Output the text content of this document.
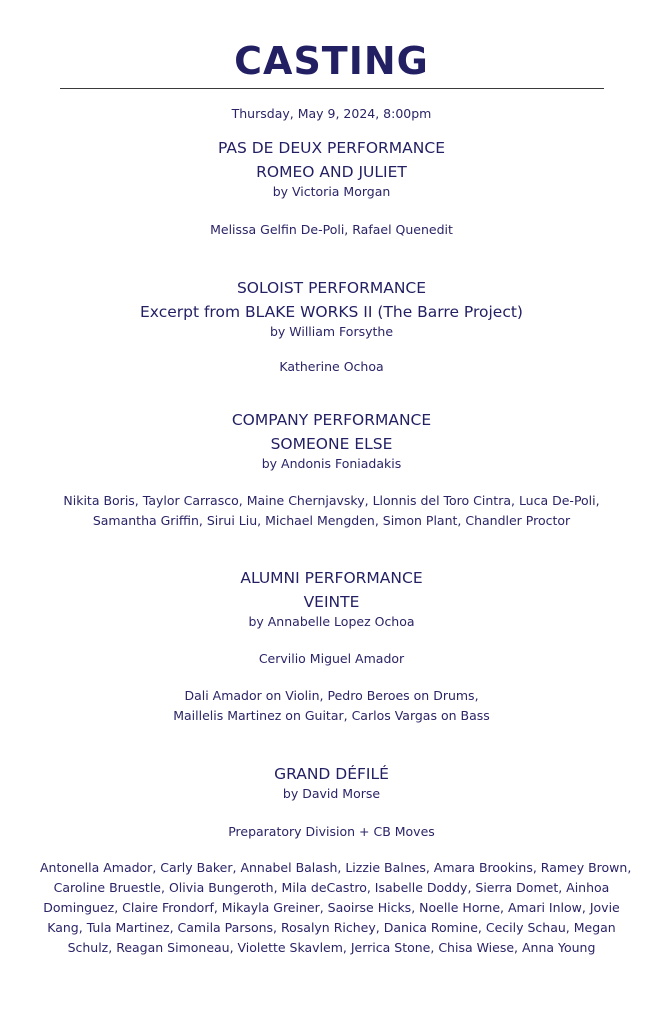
CASTING
Thursday, May 9, 2024, 8:00pm
PAS DE DEUX PERFORMANCE
ROMEO AND JULIET
by Victoria Morgan
Melissa Gelfin De-Poli, Rafael Quenedit
SOLOIST PERFORMANCE
Excerpt from BLAKE WORKS II (The Barre Project)
by William Forsythe
Katherine Ochoa
COMPANY PERFORMANCE
SOMEONE ELSE
by Andonis Foniadakis
Nikita Boris, Taylor Carrasco, Maine Chernjavsky, Llonnis del Toro Cintra, Luca De-Poli,
Samantha Griffin, Sirui Liu, Michael Mengden, Simon Plant, Chandler Proctor
ALUMNI PERFORMANCE
VEINTE
by Annabelle Lopez Ochoa
Cervilio Miguel Amador
Dali Amador on Violin, Pedro Beroes on Drums,
Maillelis Martinez on Guitar, Carlos Vargas on Bass
GRAND DÉFILÉ
by David Morse
Preparatory Division + CB Moves
Antonella Amador, Carly Baker, Annabel Balash, Lizzie Balnes, Amara Brookins, Ramey Brown,
Caroline Bruestle, Olivia Bungeroth, Mila deCastro, Isabelle Doddy, Sierra Domet, Ainhoa
Dominguez, Claire Frondorf, Mikayla Greiner, Saoirse Hicks, Noelle Horne, Amari Inlow, Jovie
Kang, Tula Martinez, Camila Parsons, Rosalyn Richey, Danica Romine, Cecily Schau, Megan
Schulz, Reagan Simoneau, Violette Skavlem, Jerrica Stone, Chisa Wiese, Anna Young
